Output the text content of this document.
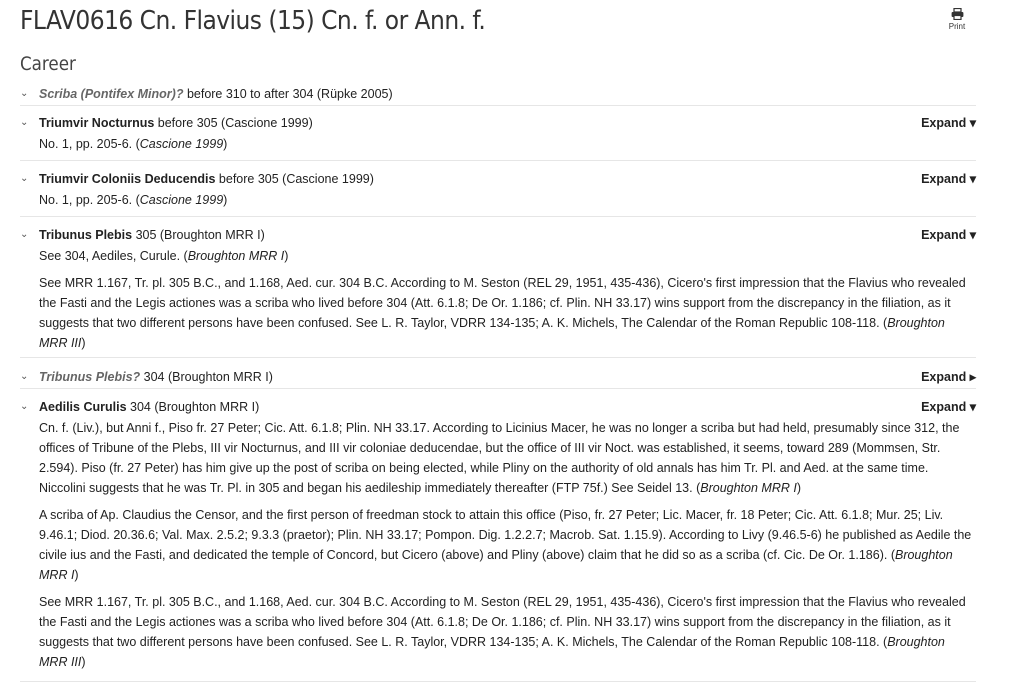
FLAV0616 Cn. Flavius (15) Cn. f. or Ann. f.	Print
Career
⌄ Scriba (Pontifex Minor)? before 310 to after 304 (Rüpke 2005)
⌄ Triumvir Nocturnus before 305 (Cascione 1999)	Expand ▾
No. 1, pp. 205-6. (Cascione 1999)
⌄ Triumvir Coloniis Deducendis before 305 (Cascione 1999)	Expand ▾
No. 1, pp. 205-6. (Cascione 1999)
⌄ Tribunus Plebis 305 (Broughton MRR I)	Expand ▾
See 304, Aediles, Curule. (Broughton MRR I)
See MRR 1.167, Tr. pl. 305 B.C., and 1.168, Aed. cur. 304 B.C. According to M. Seston (REL 29, 1951, 435-436), Cicero's first impression that the Flavius who revealed the Fasti and the Legis actiones was a scriba who lived before 304 (Att. 6.1.8; De Or. 1.186; cf. Plin. NH 33.17) wins support from the discrepancy in the filiation, as it suggests that two different persons have been confused. See L. R. Taylor, VDRR 134-135; A. K. Michels, The Calendar of the Roman Republic 108-118. (Broughton MRR III)
⌄ Tribunus Plebis? 304 (Broughton MRR I)	Expand ▸
⌄ Aedilis Curulis 304 (Broughton MRR I)	Expand ▾
Cn. f. (Liv.), but Anni f., Piso fr. 27 Peter; Cic. Att. 6.1.8; Plin. NH 33.17. According to Licinius Macer, he was no longer a scriba but had held, presumably since 312, the offices of Tribune of the Plebs, III vir Nocturnus, and III vir coloniae deducendae, but the office of III vir Noct. was established, it seems, toward 289 (Mommsen, Str. 2.594). Piso (fr. 27 Peter) has him give up the post of scriba on being elected, while Pliny on the authority of old annals has him Tr. Pl. and Aed. at the same time. Niccolini suggests that he was Tr. Pl. in 305 and began his aedileship immediately thereafter (FTP 75f.) See Seidel 13. (Broughton MRR I)
A scriba of Ap. Claudius the Censor, and the first person of freedman stock to attain this office (Piso, fr. 27 Peter; Lic. Macer, fr. 18 Peter; Cic. Att. 6.1.8; Mur. 25; Liv. 9.46.1; Diod. 20.36.6; Val. Max. 2.5.2; 9.3.3 (praetor); Plin. NH 33.17; Pompon. Dig. 1.2.2.7; Macrob. Sat. 1.15.9). According to Livy (9.46.5-6) he published as Aedile the civile ius and the Fasti, and dedicated the temple of Concord, but Cicero (above) and Pliny (above) claim that he did so as a scriba (cf. Cic. De Or. 1.186). (Broughton MRR I)
See MRR 1.167, Tr. pl. 305 B.C., and 1.168, Aed. cur. 304 B.C. According to M. Seston (REL 29, 1951, 435-436), Cicero's first impression that the Flavius who revealed the Fasti and the Legis actiones was a scriba who lived before 304 (Att. 6.1.8; De Or. 1.186; cf. Plin. NH 33.17) wins support from the discrepancy in the filiation, as it suggests that two different persons have been confused. See L. R. Taylor, VDRR 134-135; A. K. Michels, The Calendar of the Roman Republic 108-118. (Broughton MRR III)
